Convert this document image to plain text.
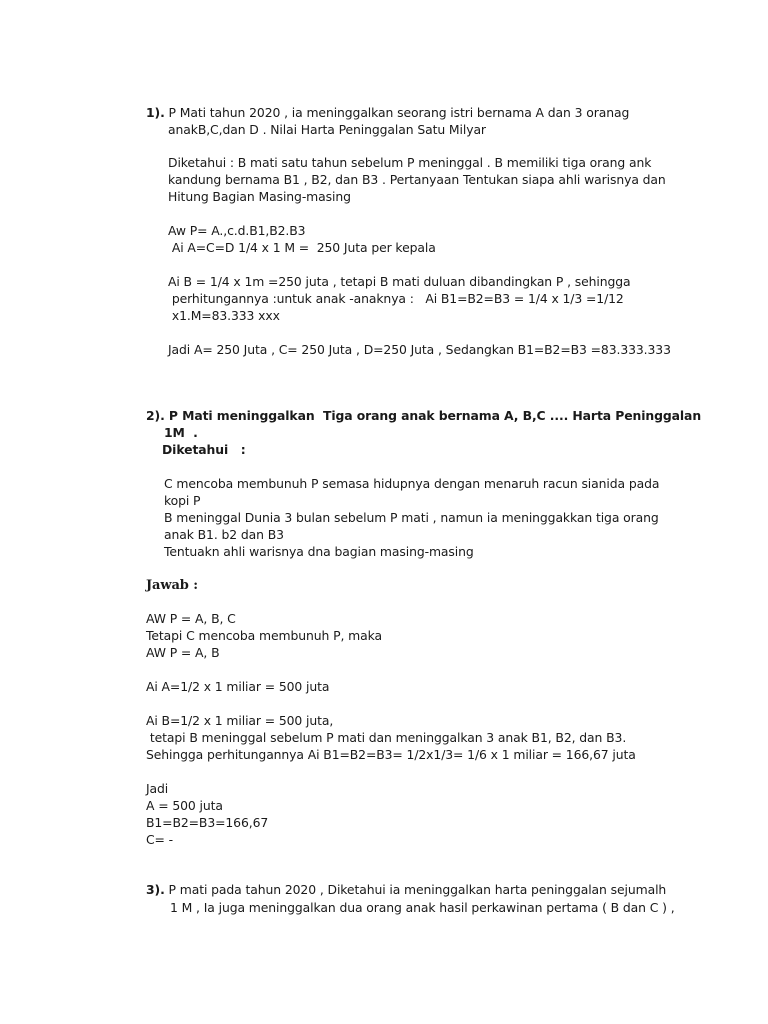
1). P Mati tahun 2020 , ia meninggalkan seorang istri bernama A dan 3 oranag
anakB,C,dan D . Nilai Harta Peninggalan Satu Milyar
Diketahui : B mati satu tahun sebelum P meninggal . B memiliki tiga orang ank
kandung bernama B1 , B2, dan B3 . Pertanyaan Tentukan siapa ahli warisnya dan
Hitung Bagian Masing-masing
Aw P= A.,c.d.B1,B2.B3
Ai A=C=D 1/4 x 1 M =  250 Juta per kepala
Ai B = 1/4 x 1m =250 juta , tetapi B mati duluan dibandingkan P , sehingga
perhitungannya :untuk anak -anaknya :   Ai B1=B2=B3 = 1/4 x 1/3 =1/12
x1.M=83.333 xxx
Jadi A= 250 Juta , C= 250 Juta , D=250 Juta , Sedangkan B1=B2=B3 =83.333.333
2). P Mati meninggalkan  Tiga orang anak bernama A, B,C .... Harta Peninggalan
1M  .
Diketahui   :
C mencoba membunuh P semasa hidupnya dengan menaruh racun sianida pada
kopi P
B meninggal Dunia 3 bulan sebelum P mati , namun ia meninggakkan tiga orang
anak B1. b2 dan B3
Tentuakn ahli warisnya dna bagian masing-masing
Jawab :
AW P = A, B, C
Tetapi C mencoba membunuh P, maka
AW P = A, B
Ai A=1/2 x 1 miliar = 500 juta
Ai B=1/2 x 1 miliar = 500 juta,
tetapi B meninggal sebelum P mati dan meninggalkan 3 anak B1, B2, dan B3.
Sehingga perhitungannya Ai B1=B2=B3= 1/2x1/3= 1/6 x 1 miliar = 166,67 juta
Jadi
A = 500 juta
B1=B2=B3=166,67
C= -
3). P mati pada tahun 2020 , Diketahui ia meninggalkan harta peninggalan sejumalh
1 M , Ia juga meninggalkan dua orang anak hasil perkawinan pertama ( B dan C ) ,
